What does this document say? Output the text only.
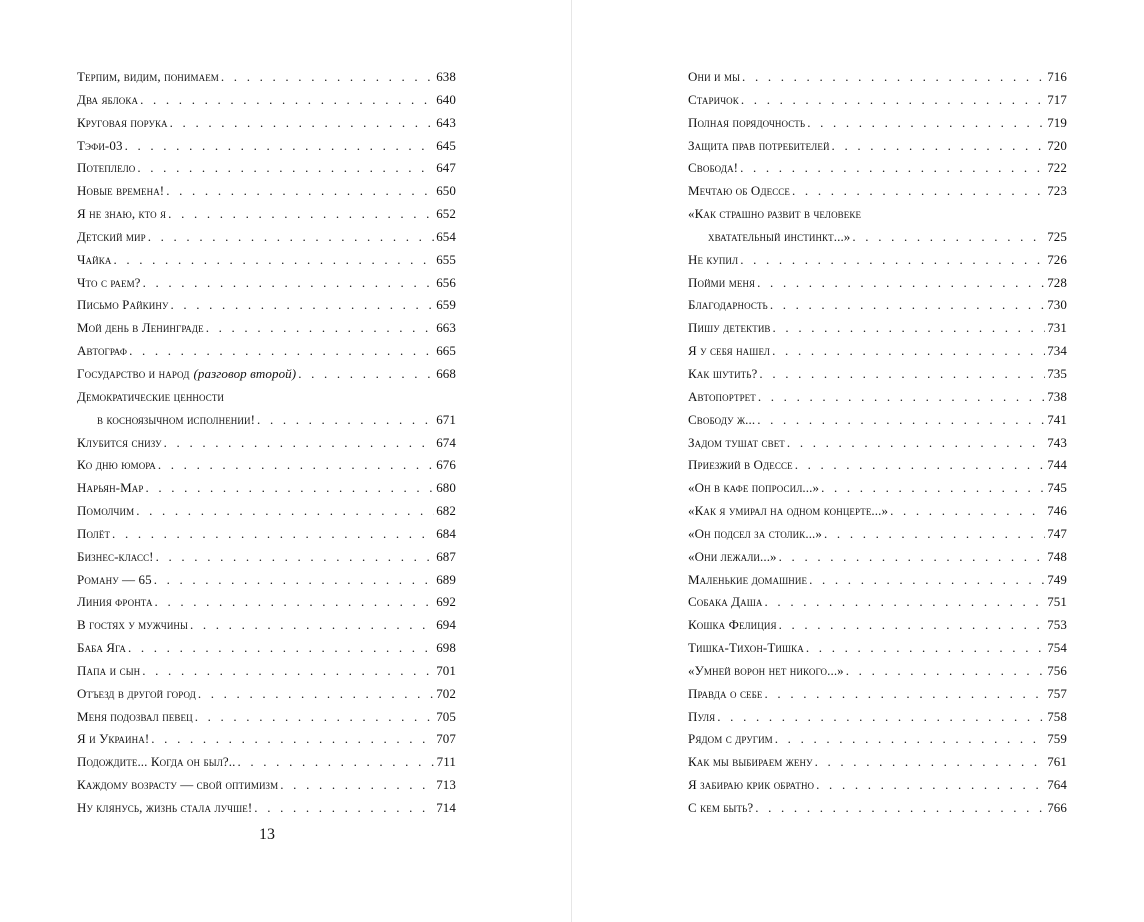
Терпим, видим, понимаем . . .	638
Два яблока . . .	640
Круговая порука . . .	643
Тэфи-03 . . .	645
Потеплело . . .	647
Новые времена! . . .	650
Я не знаю, кто я . . .	652
Детский мир . . .	654
Чайка . . .	655
Что с раем? . . .	656
Письмо Райкину . . .	659
Мой день в Ленинграде . . .	663
Автограф . . .	665
Государство и народ (разговор второй) . . .	668
Демократические ценности
в косноязычном исполнении! . . .	671
Клубится снизу . . .	674
Ко дню юмора . . .	676
Нарьян-Мар . . .	680
Помолчим . . .	682
Полёт . . .	684
Бизнес-класс! . . .	687
Роману — 65 . . .	689
Линия фронта . . .	692
В гостях у мужчины . . .	694
Баба Яга . . .	698
Папа и сын . . .	701
Отъезд в другой город . . .	702
Меня подозвал певец . . .	705
Я и Украина! . . .	707
Подождите... Когда он был?.. . . .	711
Каждому возрасту — свой оптимизм . . .	713
Ну клянусь, жизнь стала лучше! . . .	714
13
Они и мы . . .	716
Старичок . . .	717
Полная порядочность . . .	719
Защита прав потребителей . . .	720
Свобода! . . .	722
Мечтаю об Одессе . . .	723
«Как страшно развит в человеке
хватательный инстинкт...» . . .	725
Не купил . . .	726
Пойми меня . . .	728
Благодарность . . .	730
Пишу детектив . . .	731
Я у себя нашел . . .	734
Как шутить? . . .	735
Автопортрет . . .	738
Свободу ж... . . .	741
Задом тушат свет . . .	743
Приезжий в Одессе . . .	744
«Он в кафе попросил...» . . .	745
«Как я умирал на одном концерте...» . . .	746
«Он подсел за столик...» . . .	747
«Они лежали...» . . .	748
Маленькие домашние . . .	749
Собака Даша . . .	751
Кошка Фелиция . . .	753
Тишка-Тихон-Тишка . . .	754
«Умней ворон нет никого...» . . .	756
Правда о себе . . .	757
Пуля . . .	758
Рядом с другим . . .	759
Как мы выбираем жену . . .	761
Я забираю крик обратно . . .	764
С кем быть? . . .	766
